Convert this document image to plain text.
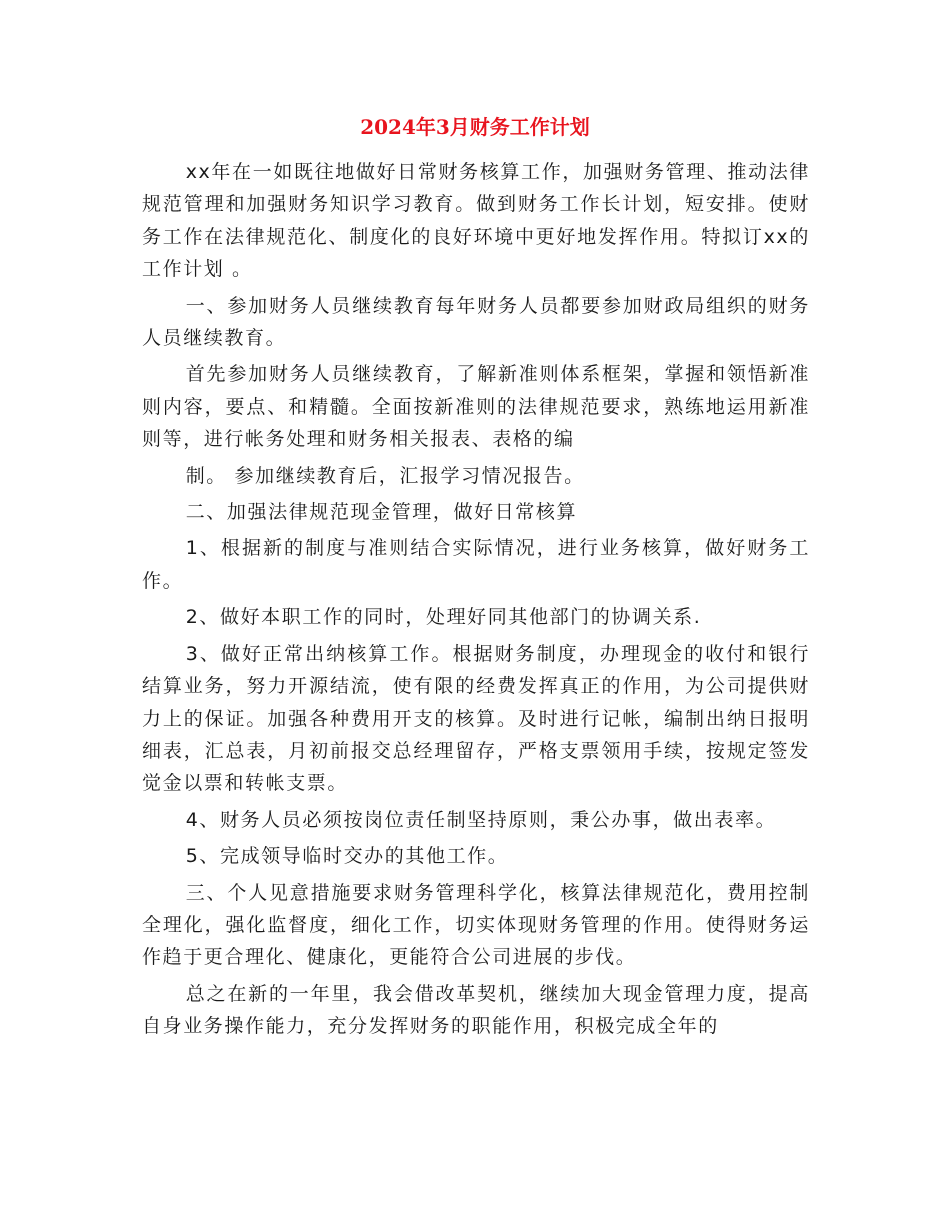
2024年3月财务工作计划

xx年在一如既往地做好日常财务核算工作，加强财务管理、推动法律规范管理和加强财务知识学习教育。做到财务工作长计划，短安排。使财务工作在法律规范化、制度化的良好环境中更好地发挥作用。特拟订xx的工作计划 。

一、参加财务人员继续教育每年财务人员都要参加财政局组织的财务人员继续教育。

首先参加财务人员继续教育，了解新准则体系框架，掌握和领悟新准则内容，要点、和精髓。全面按新准则的法律规范要求，熟练地运用新准则等，进行帐务处理和财务相关报表、表格的编

制。 参加继续教育后，汇报学习情况报告。

二、加强法律规范现金管理，做好日常核算

1、根据新的制度与准则结合实际情况，进行业务核算，做好财务工作。

2、做好本职工作的同时，处理好同其他部门的协调关系.

3、做好正常出纳核算工作。根据财务制度，办理现金的收付和银行结算业务，努力开源结流，使有限的经费发挥真正的作用，为公司提供财力上的保证。加强各种费用开支的核算。及时进行记帐，编制出纳日报明细表，汇总表，月初前报交总经理留存，严格支票领用手续，按规定签发觉金以票和转帐支票。

4、财务人员必须按岗位责任制坚持原则，秉公办事，做出表率。

5、完成领导临时交办的其他工作。

三、个人见意措施要求财务管理科学化，核算法律规范化，费用控制全理化，强化监督度，细化工作，切实体现财务管理的作用。使得财务运作趋于更合理化、健康化，更能符合公司进展的步伐。

总之在新的一年里，我会借改革契机，继续加大现金管理力度，提高自身业务操作能力，充分发挥财务的职能作用，积极完成全年的
